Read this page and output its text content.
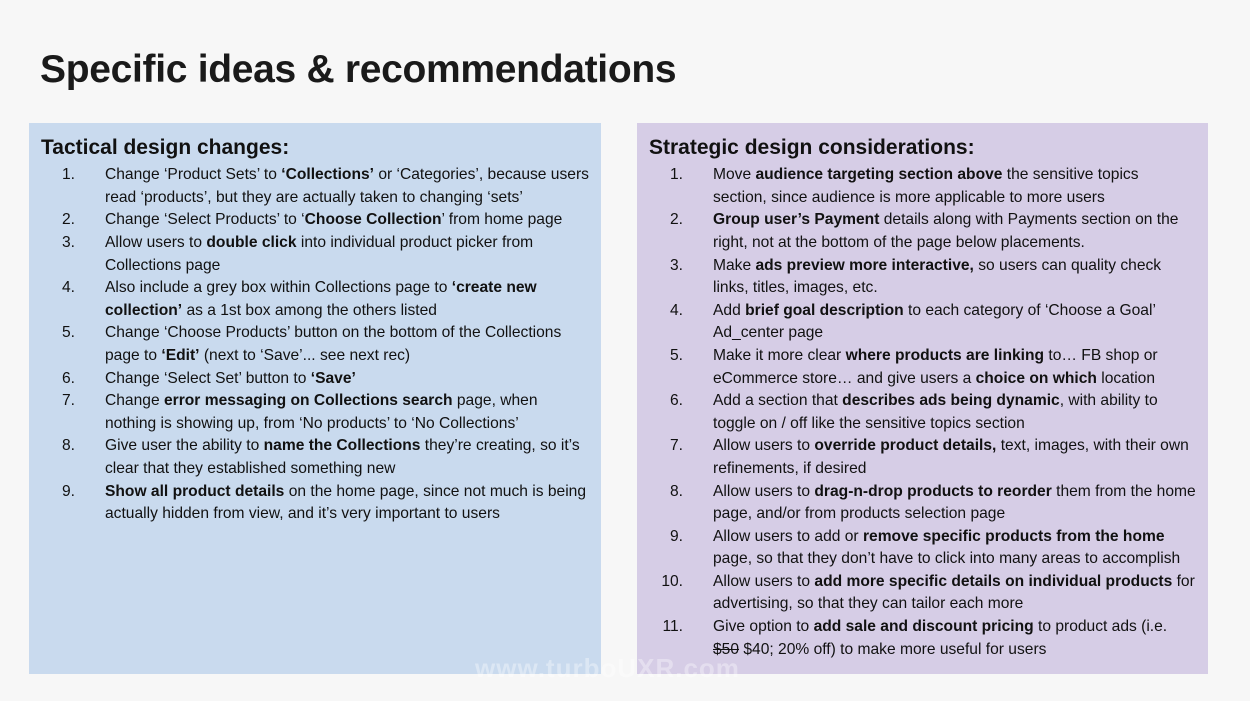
Specific ideas & recommendations
Tactical design changes:
1. Change ‘Product Sets’ to ‘Collections’ or ‘Categories’, because users read ‘products’, but they are actually taken to changing ‘sets’
2. Change ‘Select Products’ to ‘Choose Collection’ from home page
3. Allow users to double click into individual product picker from Collections page
4. Also include a grey box within Collections page to ‘create new collection’ as a 1st box among the others listed
5. Change ‘Choose Products’ button on the bottom of the Collections page to ‘Edit’ (next to ‘Save’... see next rec)
6. Change ‘Select Set’ button to ‘Save’
7. Change error messaging on Collections search page, when nothing is showing up, from ‘No products’ to ‘No Collections’
8. Give user the ability to name the Collections they’re creating, so it’s clear that they established something new
9. Show all product details on the home page, since not much is being actually hidden from view, and it’s very important to users
Strategic design considerations:
1. Move audience targeting section above the sensitive topics section, since audience is more applicable to more users
2. Group user’s Payment details along with Payments section on the right, not at the bottom of the page below placements.
3. Make ads preview more interactive, so users can quality check links, titles, images, etc.
4. Add brief goal description to each category of ‘Choose a Goal’ Ad_center page
5. Make it more clear where products are linking to… FB shop or eCommerce store… and give users a choice on which location
6. Add a section that describes ads being dynamic, with ability to toggle on / off like the sensitive topics section
7. Allow users to override product details, text, images, with their own refinements, if desired
8. Allow users to drag-n-drop products to reorder them from the home page, and/or from products selection page
9. Allow users to add or remove specific products from the home page, so that they don’t have to click into many areas to accomplish
10. Allow users to add more specific details on individual products for advertising, so that they can tailor each more
11. Give option to add sale and discount pricing to product ads (i.e. $50 $40; 20% off) to make more useful for users
www.turboUXR.com
